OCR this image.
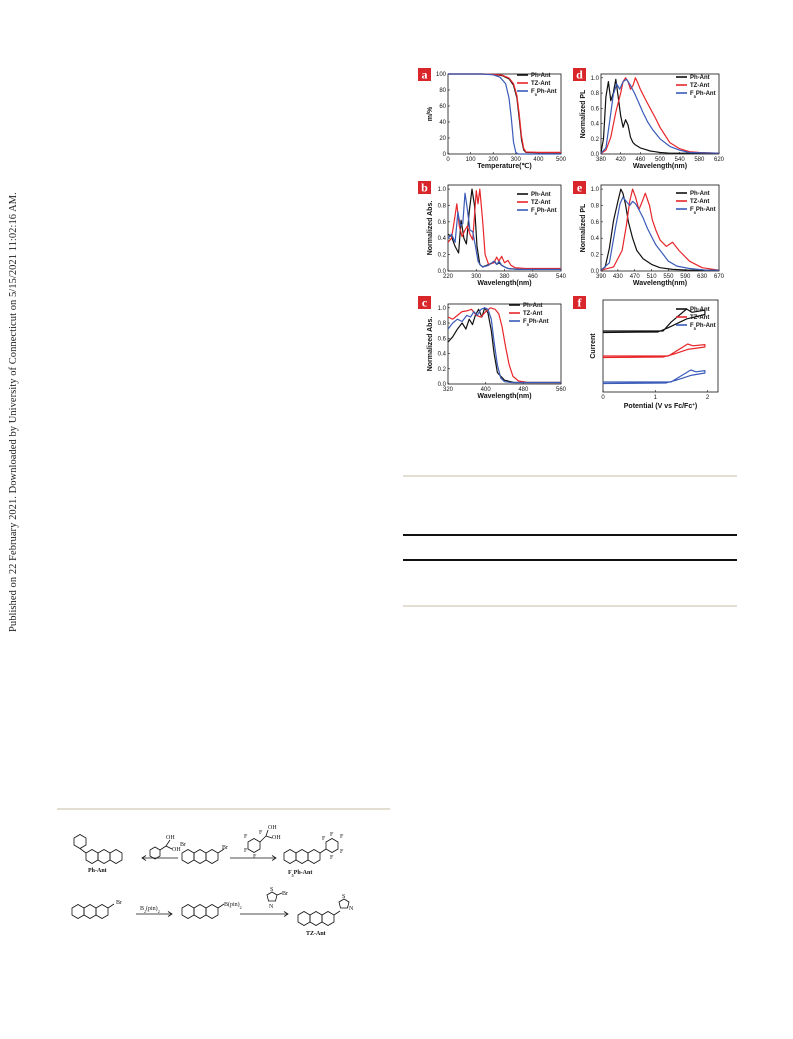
Published on 22 February 2021. Downloaded by University of Connecticut on 5/15/2021 11:02:16 AM.
0	100 200 300 400 500
0
20
40
60
80
100
Temperature(℃)
m/%
a	Ph-Ant
TZ-Ant
$F_5Ph$-Ant
380 420 460 500 540 580 620
0.0
0.2
0.4
0.6
0.8
1.0
Wavelength(nm)
Normalized PL
d	Ph-Ant
TZ-Ant
$F_5Ph$-Ant
220	300	380	460	540
0.0
0.2
0.4
0.6
0.8
1.0
Wavelength(nm)
Normalized Abs.
b
Ph-Ant
TZ-Ant
$F_5Ph$-Ant
390 430 470 510 550 590 630 670
0.0
0.2
0.4
0.6
0.8
1.0
Wavelength(nm)
Normalized PL
e	Ph-Ant
TZ-Ant
$F_5Ph$-Ant
320	400	480	560
0.0
0.2
0.4
0.6
0.8
1.0
Wavelength(nm)
Normalized Abs.
c	Ph-Ant
TZ-Ant
$F_5Ph$-Ant
0	1	2
Potential (V vs Fc/Fc+)
Current
f
Ph-Ant
TZ-Ant
$F_5Ph$-Ant
Ph-Ant
Br
OH
OH	Br
OH
OH
F
F
F
F
F
F
F
F
F
$F_5Ph$-Ant
Br
$B_2(pin)_2$
$B(pin)_2$
S
N
Br	S
N
TZ-Ant
